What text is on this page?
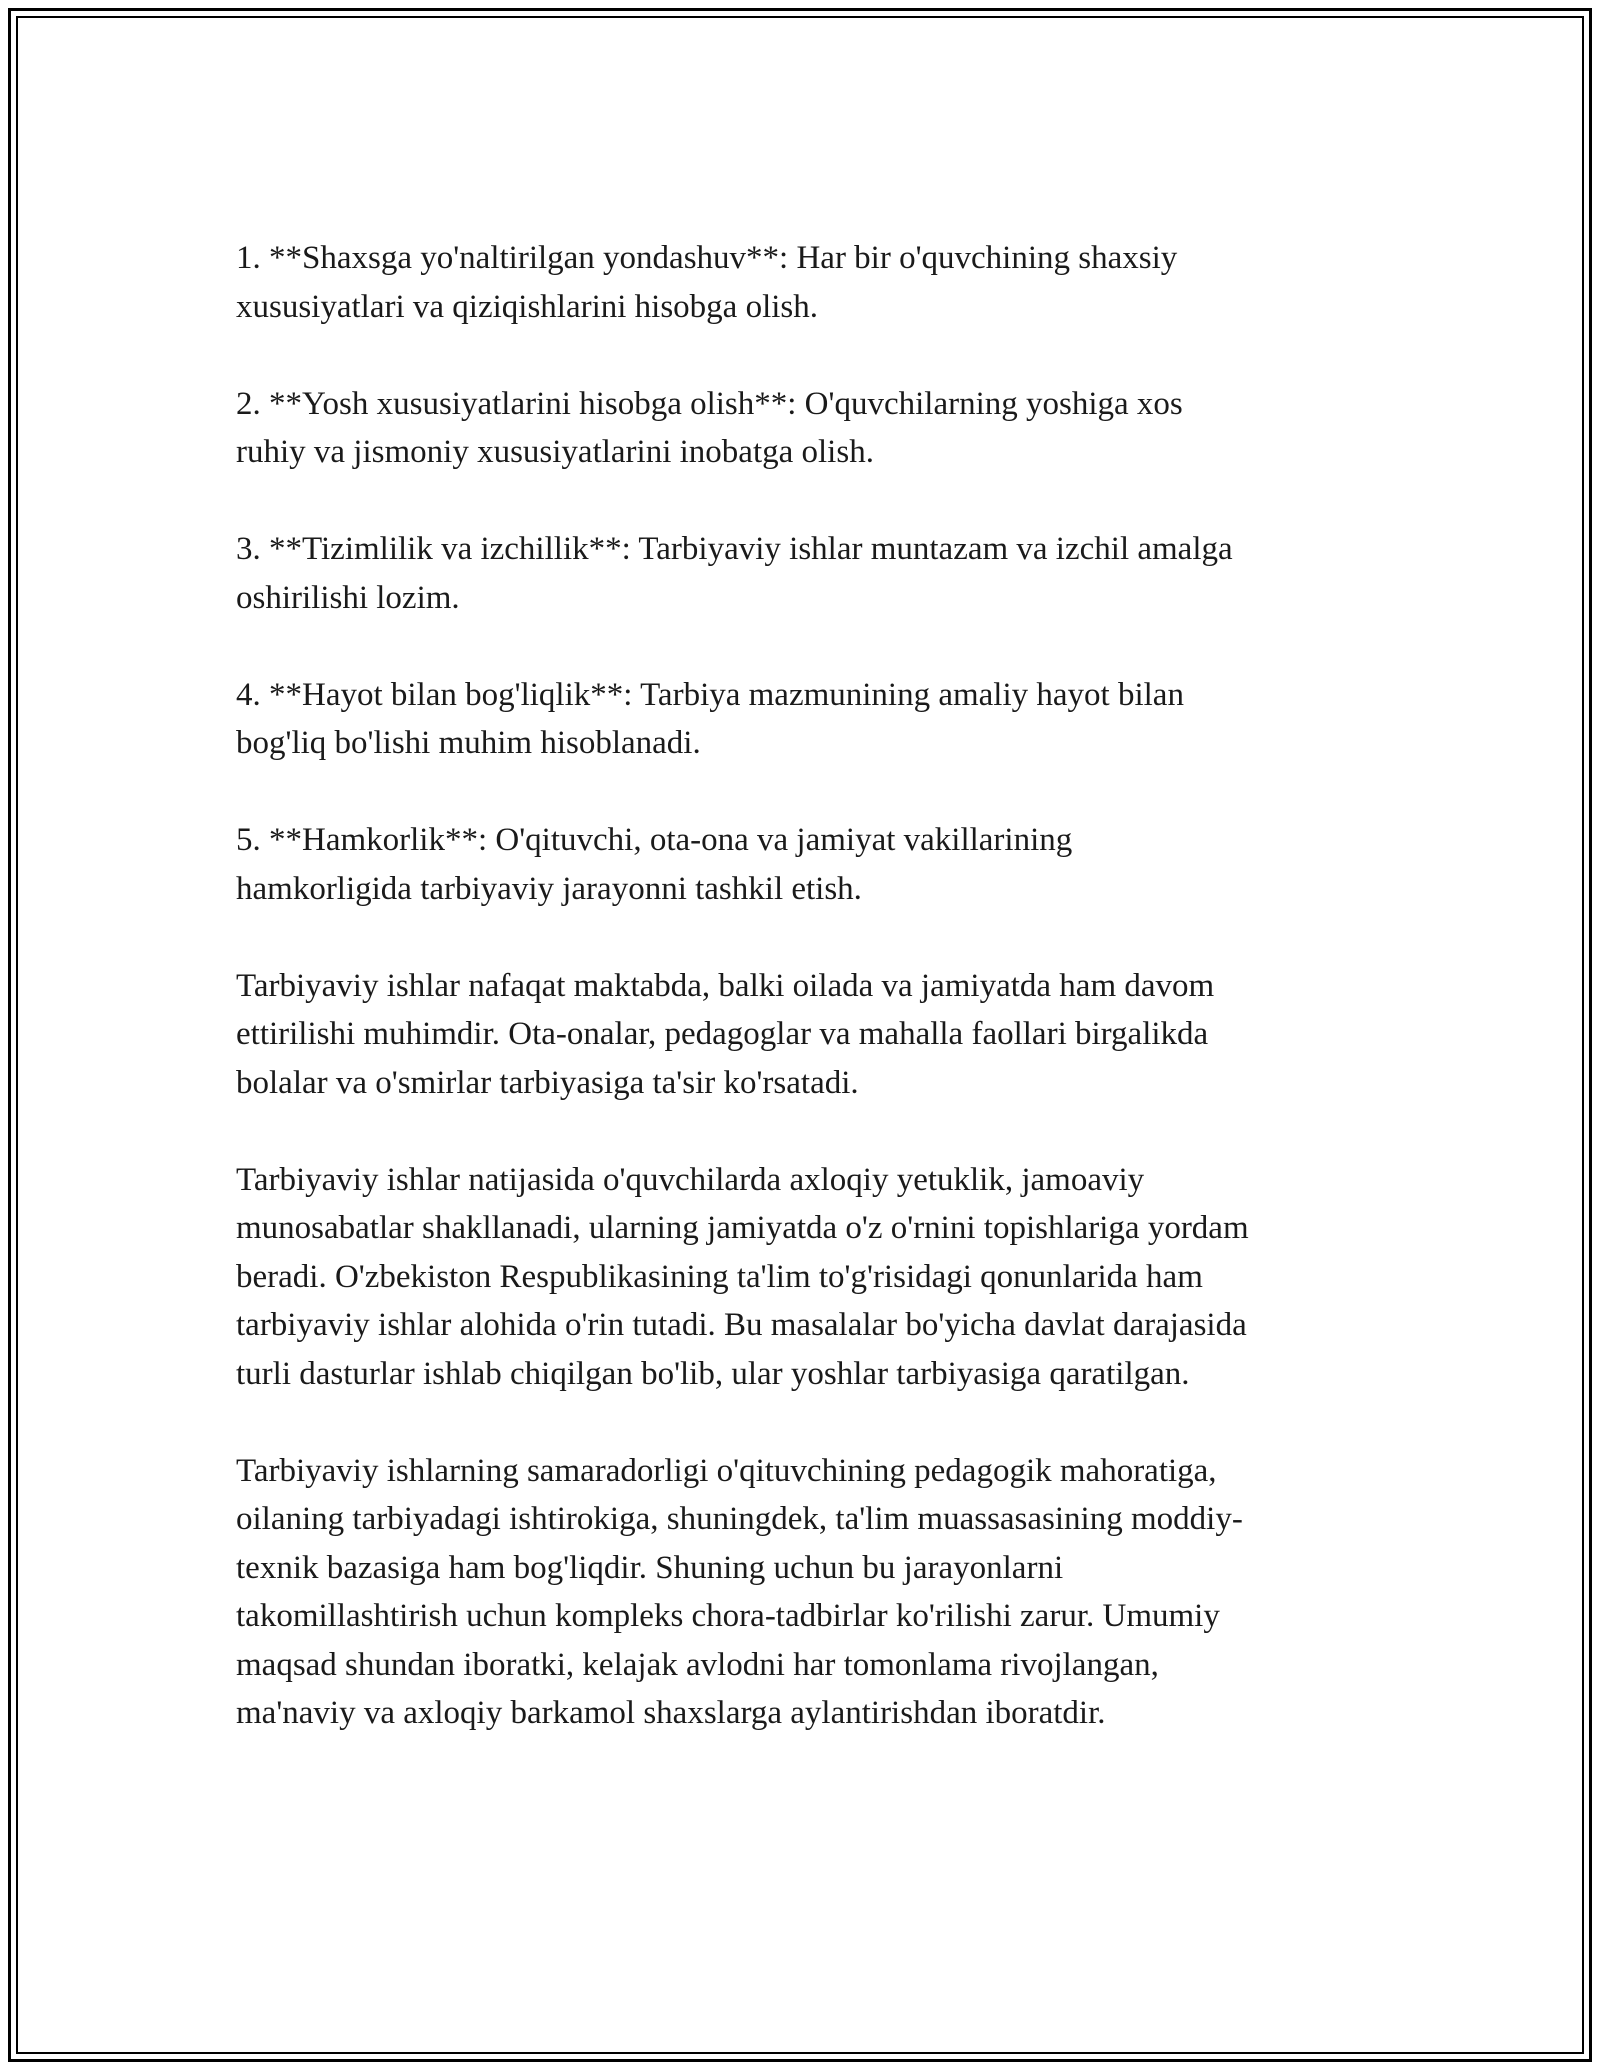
1. **Shaxsga yo'naltirilgan yondashuv**: Har bir o'quvchining shaxsiy
xususiyatlari va qiziqishlarini hisobga olish.

2. **Yosh xususiyatlarini hisobga olish**: O'quvchilarning yoshiga xos
ruhiy va jismoniy xususiyatlarini inobatga olish.

3. **Tizimlilik va izchillik**: Tarbiyaviy ishlar muntazam va izchil amalga
oshirilishi lozim.

4. **Hayot bilan bog'liqlik**: Tarbiya mazmunining amaliy hayot bilan
bog'liq bo'lishi muhim hisoblanadi.

5. **Hamkorlik**: O'qituvchi, ota-ona va jamiyat vakillarining
hamkorligida tarbiyaviy jarayonni tashkil etish.

Tarbiyaviy ishlar nafaqat maktabda, balki oilada va jamiyatda ham davom
ettirilishi muhimdir. Ota-onalar, pedagoglar va mahalla faollari birgalikda
bolalar va o'smirlar tarbiyasiga ta'sir ko'rsatadi.

Tarbiyaviy ishlar natijasida o'quvchilarda axloqiy yetuklik, jamoaviy
munosabatlar shakllanadi, ularning jamiyatda o'z o'rnini topishlariga yordam
beradi. O'zbekiston Respublikasining ta'lim to'g'risidagi qonunlarida ham
tarbiyaviy ishlar alohida o'rin tutadi. Bu masalalar bo'yicha davlat darajasida
turli dasturlar ishlab chiqilgan bo'lib, ular yoshlar tarbiyasiga qaratilgan.

Tarbiyaviy ishlarning samaradorligi o'qituvchining pedagogik mahoratiga,
oilaning tarbiyadagi ishtirokiga, shuningdek, ta'lim muassasasining moddiy-
texnik bazasiga ham bog'liqdir. Shuning uchun bu jarayonlarni
takomillashtirish uchun kompleks chora-tadbirlar ko'rilishi zarur. Umumiy
maqsad shundan iboratki, kelajak avlodni har tomonlama rivojlangan,
ma'naviy va axloqiy barkamol shaxslarga aylantirishdan iboratdir.
